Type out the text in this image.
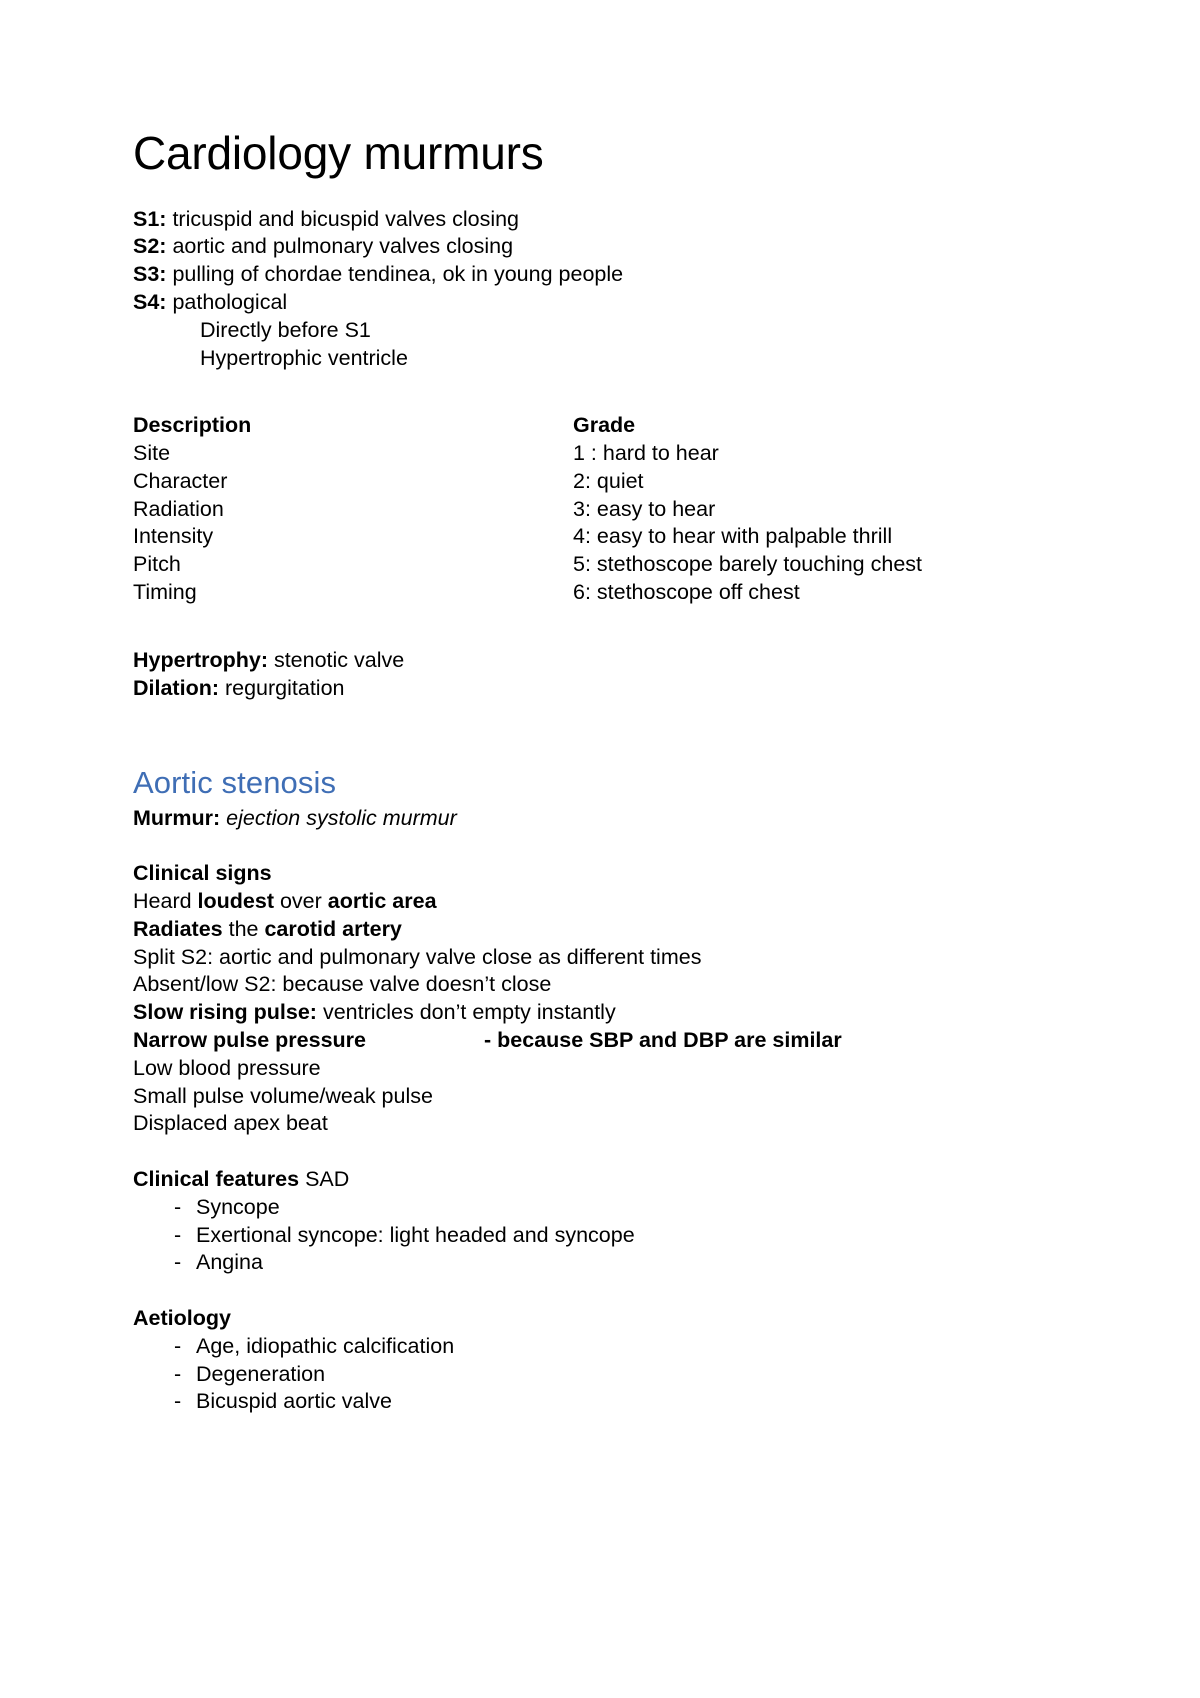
Cardiology murmurs

S1: tricuspid and bicuspid valves closing

S2: aortic and pulmonary valves closing

S3: pulling of chordae tendinea, ok in young people

S4: pathological

Directly before S1

Hypertrophic ventricle

Description

Site

Character

Radiation

Intensity

Pitch

Timing

Grade

1 : hard to hear

2: quiet

3: easy to hear

4: easy to hear with palpable thrill

5: stethoscope barely touching chest

6: stethoscope off chest

Hypertrophy: stenotic valve

Dilation: regurgitation

Aortic stenosis

Murmur: ejection systolic murmur

Clinical signs

Heard loudest over aortic area

Radiates the carotid artery

Split S2: aortic and pulmonary valve close as different times

Absent/low S2: because valve doesn’t close

Slow rising pulse: ventricles don’t empty instantly

Narrow pulse pressure	- because SBP and DBP are similar

Low blood pressure

Small pulse volume/weak pulse

Displaced apex beat

Clinical features SAD

- Syncope
- Exertional syncope: light headed and syncope
- Angina

Aetiology

- Age, idiopathic calcification
- Degeneration
- Bicuspid aortic valve
